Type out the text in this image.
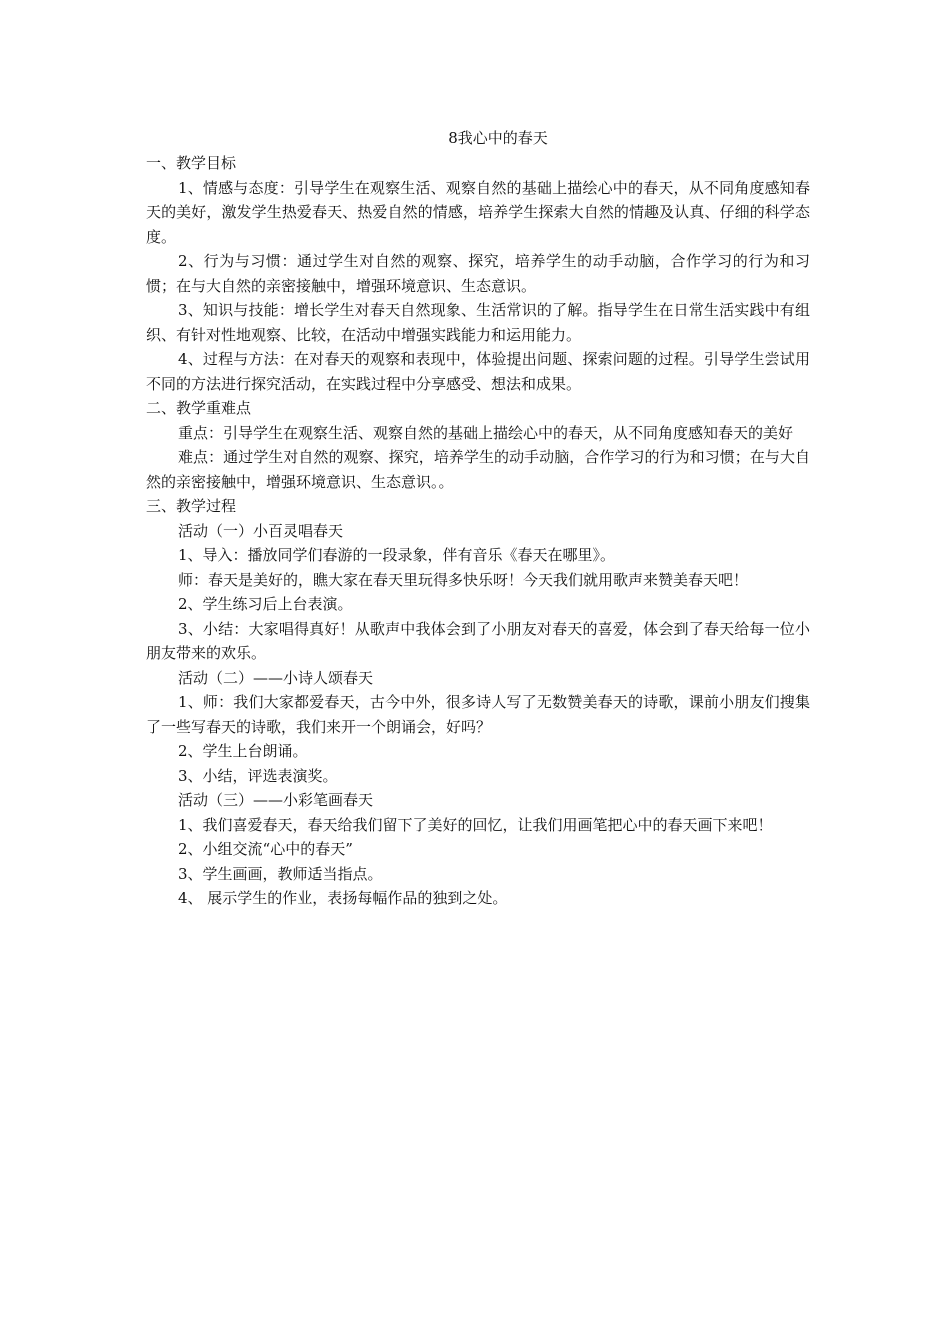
8我心中的春天
一、教学目标

1、情感与态度：引导学生在观察生活、观察自然的基础上描绘心中的春天，从不同角度感知春天的美好，激发学生热爱春天、热爱自然的情感，培养学生探索大自然的情趣及认真、仔细的科学态度。

2、行为与习惯：通过学生对自然的观察、探究，培养学生的动手动脑，合作学习的行为和习惯；在与大自然的亲密接触中，增强环境意识、生态意识。

3、知识与技能：增长学生对春天自然现象、生活常识的了解。指导学生在日常生活实践中有组织、有针对性地观察、比较，在活动中增强实践能力和运用能力。

4、过程与方法：在对春天的观察和表现中，体验提出问题、探索问题的过程。引导学生尝试用不同的方法进行探究活动，在实践过程中分享感受、想法和成果。

二、教学重难点

重点：引导学生在观察生活、观察自然的基础上描绘心中的春天，从不同角度感知春天的美好

难点：通过学生对自然的观察、探究，培养学生的动手动脑，合作学习的行为和习惯；在与大自然的亲密接触中，增强环境意识、生态意识。。

三、教学过程

活动（一）小百灵唱春天

1、导入：播放同学们春游的一段录象，伴有音乐《春天在哪里》。

师：春天是美好的，瞧大家在春天里玩得多快乐呀！今天我们就用歌声来赞美春天吧！

2、学生练习后上台表演。

3、小结：大家唱得真好！从歌声中我体会到了小朋友对春天的喜爱，体会到了春天给每一位小朋友带来的欢乐。

活动（二）——小诗人颂春天

1、师：我们大家都爱春天，古今中外，很多诗人写了无数赞美春天的诗歌，课前小朋友们搜集了一些写春天的诗歌，我们来开一个朗诵会，好吗？

2、学生上台朗诵。

3、小结，评选表演奖。

活动（三）——小彩笔画春天

1、我们喜爱春天，春天给我们留下了美好的回忆，让我们用画笔把心中的春天画下来吧！

2、小组交流“心中的春天”

3、学生画画，教师适当指点。

4、 展示学生的作业，表扬每幅作品的独到之处。
